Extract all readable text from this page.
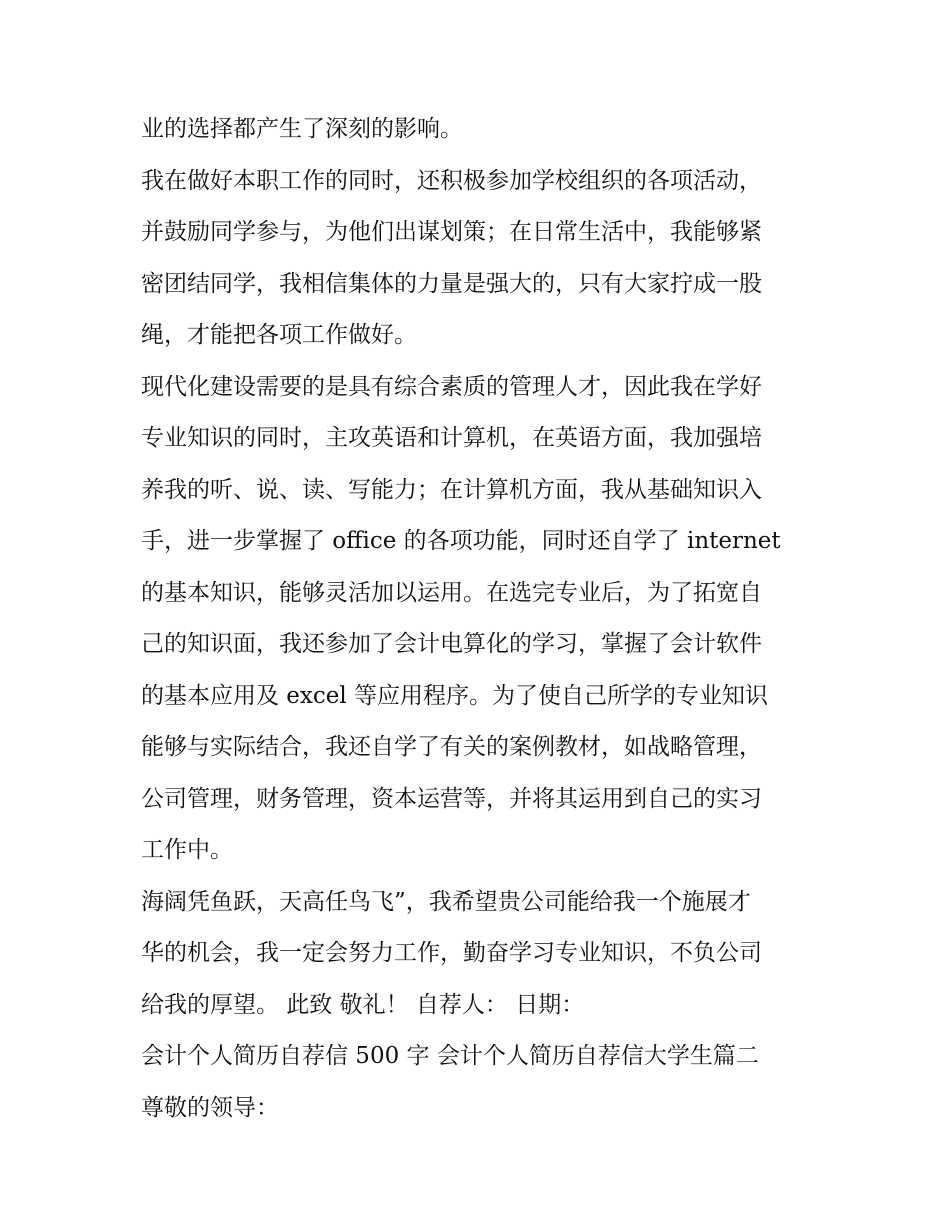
业的选择都产生了深刻的影响。
我在做好本职工作的同时，还积极参加学校组织的各项活动，
并鼓励同学参与，为他们出谋划策；在日常生活中，我能够紧
密团结同学，我相信集体的力量是强大的，只有大家拧成一股
绳，才能把各项工作做好。
现代化建设需要的是具有综合素质的管理人才，因此我在学好
专业知识的同时，主攻英语和计算机，在英语方面，我加强培
养我的听、说、读、写能力；在计算机方面，我从基础知识入
手，进一步掌握了 office 的各项功能，同时还自学了 internet
的基本知识，能够灵活加以运用。在选完专业后，为了拓宽自
己的知识面，我还参加了会计电算化的学习，掌握了会计软件
的基本应用及 excel 等应用程序。为了使自己所学的专业知识
能够与实际结合，我还自学了有关的案例教材，如战略管理，
公司管理，财务管理，资本运营等，并将其运用到自己的实习
工作中。
海阔凭鱼跃，天高任鸟飞”，我希望贵公司能给我一个施展才
华的机会，我一定会努力工作，勤奋学习专业知识，不负公司
给我的厚望。 此致 敬礼！ 自荐人： 日期：
会计个人简历自荐信 500 字 会计个人简历自荐信大学生篇二
尊敬的领导：
